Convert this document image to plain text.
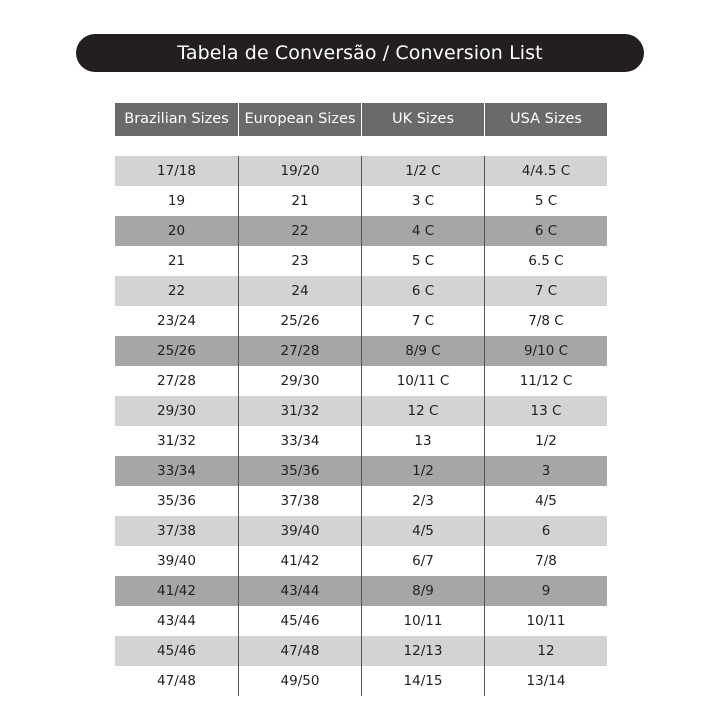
Tabela de Conversão / Conversion List
Brazilian Sizes	European Sizes	UK Sizes	USA Sizes
17/18	19/20	1/2 C	4/4.5 C
19	21	3 C	5 C
20	22	4 C	6 C
21	23	5 C	6.5 C
22	24	6 C	7 C
23/24	25/26	7 C	7/8 C
25/26	27/28	8/9 C	9/10 C
27/28	29/30	10/11 C	11/12 C
29/30	31/32	12 C	13 C
31/32	33/34	13	1/2
33/34	35/36	1/2	3
35/36	37/38	2/3	4/5
37/38	39/40	4/5	6
39/40	41/42	6/7	7/8
41/42	43/44	8/9	9
43/44	45/46	10/11	10/11
45/46	47/48	12/13	12
47/48	49/50	14/15	13/14
